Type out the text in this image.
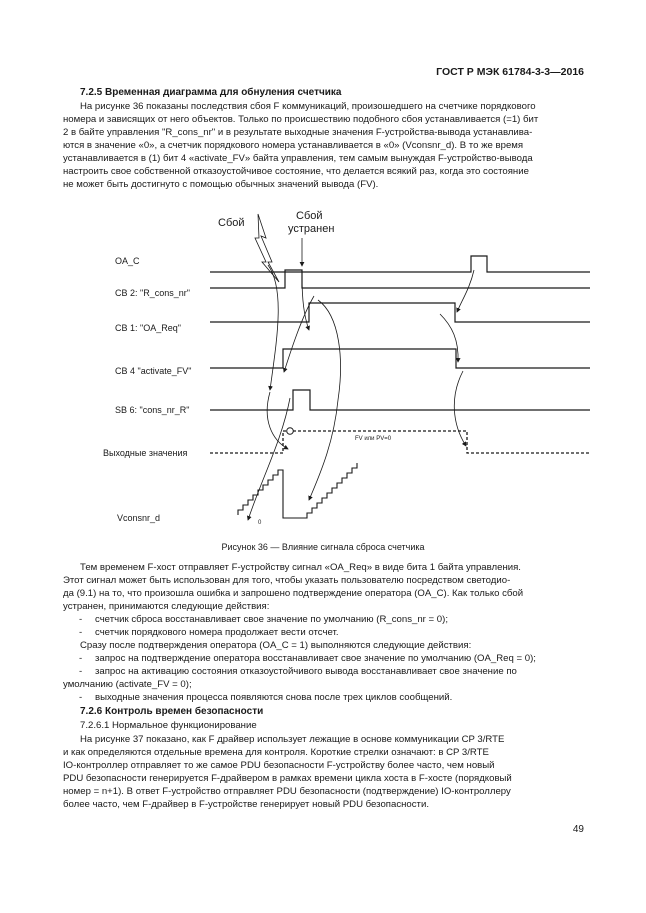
ГОСТ Р МЭК 61784-3-3—2016
7.2.5 Временная диаграмма для обнуления счетчика

На рисунке 36 показаны последствия сбоя F коммуникаций, произошедшего на счетчике порядкового

номера и зависящих от него объектов. Только по происшествию подобного сбоя устанавливается (=1) бит

2 в байте управления "R_cons_nr" и в результате выходные значения F-устройства-вывода устанавлива-

ются в значение «0», а счетчик порядкового номера устанавливается в «0» (Vconsnr_d). В то же время

устанавливается в (1) бит 4 «activate_FV» байта управления, тем самым вынуждая F-устройство-вывода

настроить свое собственной отказоустойчивое состояние, что делается всякий раз, когда это состояние

не может быть достигнуто с помощью обычных значений вывода (FV).

Сбой
Сбой
устранен
OA_C
CB 2: "R_cons_nr"
CB 1: "OA_Req"
CB 4 "activate_FV"
SB 6: "cons_nr_R"
Выходные значения
Vconsnr_d
FV или PV=0
0
Рисунок 36 — Влияние сигнала сброса счетчика

Тем временем F-хост отправляет F-устройству сигнал «OA_Req» в виде бита 1 байта управления.

Этот сигнал может быть использован для того, чтобы указать пользователю посредством светодио-

да (9.1) на то, что произошла ошибка и запрошено подтверждение оператора (OA_C). Как только сбой

устранен, принимаются следующие действия:

- счетчик сброса восстанавливает свое значение по умолчанию (R_cons_nr = 0);
- счетчик порядкового номера продолжает вести отсчет.

Сразу после подтверждения оператора (OA_C = 1) выполняются следующие действия:

- запрос на подтверждение оператора восстанавливает свое значение по умолчанию (OA_Req = 0);
- запрос на активацию состояния отказоустойчивого вывода восстанавливает свое значение по
умолчанию (activate_FV = 0);
- выходные значения процесса появляются снова после трех циклов сообщений.
7.2.6 Контроль времен безопасности

7.2.6.1 Нормальное функционирование

На рисунке 37 показано, как F драйвер использует лежащие в основе коммуникации CP 3/RTE

и как определяются отдельные времена для контроля. Короткие стрелки означают: в CP 3/RTE

IO-контроллер отправляет то же самое PDU безопасности F-устройству более часто, чем новый

PDU безопасности генерируется F-драйвером в рамках времени цикла хоста в F-хосте (порядковый

номер = n+1). В ответ F-устройство отправляет PDU безопасности (подтверждение) IO-контроллеру

более часто, чем F-драйвер в F-устройстве генерирует новый PDU безопасности.

49
